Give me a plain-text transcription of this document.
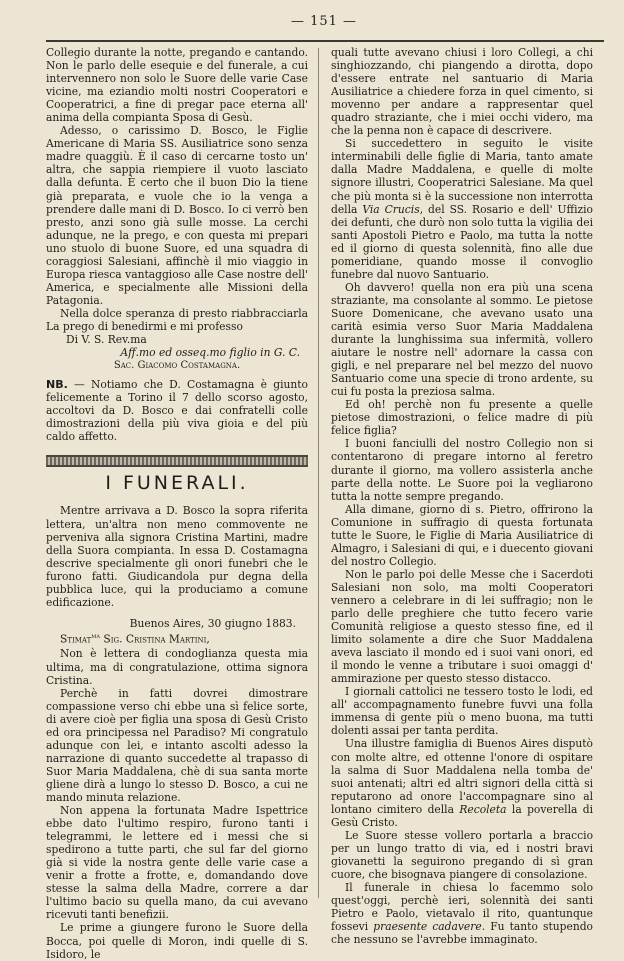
— 151 —

Collegio durante la notte, pregando e cantando. Non le parlo delle esequie e del funerale, a cui intervennero non solo le Suore delle varie Case vicine, ma eziandio molti nostri Cooperatori e Cooperatrici, a fine di pregar pace eterna all' anima della compianta Sposa di Gesù.

Adesso, o carissimo D. Bosco, le Figlie Americane di Maria SS. Ausiliatrice sono senza madre quaggiù. È il caso di cercarne tosto un' altra, che sappia riempiere il vuoto lasciato dalla defunta. È certo che il buon Dio la tiene già preparata, e vuole che io la venga a prendere dalle mani di D. Bosco. Io ci verrò ben presto, anzi sono già sulle mosse. La cerchi adunque, ne la prego, e con questa mi prepari uno stuolo di buone Suore, ed una squadra di coraggiosi Salesiani, affinchè il mio viaggio in Europa riesca vantaggioso alle Case nostre dell' America, e specialmente alle Missioni della Patagonia.

Nella dolce speranza di presto riabbracciarla La prego di benedirmi e mi professo

Di V. S. Rev.ma

Aff.mo ed osseq.mo figlio in G. C.

Sac. Giacomo Costamagna.

NB. — Notiamo che D. Costamagna è giunto felicemente a Torino il 7 dello scorso agosto, accoltovi da D. Bosco e dai confratelli colle dimostrazioni della più viva gioia e del più caldo affetto.

I FUNERALI.

Mentre arrivava a D. Bosco la sopra riferita lettera, un'altra non meno commovente ne perveniva alla signora Cristina Martini, madre della Suora compianta. In essa D. Costamagna descrive specialmente gli onori funebri che le furono fatti. Giudicandola pur degna della pubblica luce, qui la produciamo a comune edificazione.

Buenos Aires, 30 giugno 1883.

Stimat$^{ma}$ Sig. Cristina Martini,

Non è lettera di condoglianza questa mia ultima, ma di congratulazione, ottima signora Cristina.

Perchè in fatti dovrei dimostrare compassione verso chi ebbe una sì felice sorte, di avere cioè per figlia una sposa di Gesù Cristo ed ora principessa nel Paradiso? Mi congratulo adunque con lei, e intanto ascolti adesso la narrazione di quanto succedette al trapasso di Suor Maria Maddalena, chè di sua santa morte gliene dirà a lungo lo stesso D. Bosco, a cui ne mando minuta relazione.

Non appena la fortunata Madre Ispettrice ebbe dato l'ultimo respiro, furono tanti i telegrammi, le lettere ed i messi che si spedirono a tutte parti, che sul far del giorno già si vide la nostra gente delle varie case a venir a frotte a frotte, e, domandando dove stesse la salma della Madre, correre a dar l'ultimo bacio su quella mano, da cui avevano ricevuti tanti benefizii.

Le prime a giungere furono le Suore della Bocca, poi quelle di Moron, indi quelle di S. Isidoro, le

quali tutte avevano chiusi i loro Collegi, a chi singhiozzando, chi piangendo a dirotta, dopo d'essere entrate nel santuario di Maria Ausiliatrice a chiedere forza in quel cimento, si movenno per andare a rappresentar quel quadro straziante, che i miei occhi videro, ma che la penna non è capace di descrivere.

Si succedettero in seguito le visite interminabili delle figlie di Maria, tanto amate dalla Madre Maddalena, e quelle di molte signore illustri, Cooperatrici Salesiane. Ma quel che più monta si è la successione non interrotta della Via Crucis, del SS. Rosario e dell' Uffizio dei defunti, che durò non solo tutta la vigilia dei santi Apostoli Pietro e Paolo, ma tutta la notte ed il giorno di questa solennità, fino alle due pomeridiane, quando mosse il convoglio funebre dal nuovo Santuario.

Oh davvero! quella non era più una scena straziante, ma consolante al sommo. Le pietose Suore Domenicane, che avevano usato una carità esimia verso Suor Maria Maddalena durante la lunghissima sua infermità, vollero aiutare le nostre nell' adornare la cassa con gigli, e nel preparare nel bel mezzo del nuovo Santuario come una specie di trono ardente, su cui fu posta la preziosa salma.

Ed oh! perchè non fu presente a quelle pietose dimostrazioni, o felice madre di più felice figlia?

I buoni fanciulli del nostro Collegio non si contentarono di pregare intorno al feretro durante il giorno, ma vollero assisterla anche parte della notte. Le Suore poi la vegliarono tutta la notte sempre pregando.

Alla dimane, giorno di s. Pietro, offrirono la Comunione in suffragio di questa fortunata tutte le Suore, le Figlie di Maria Ausiliatrice di Almagro, i Salesiani di qui, e i duecento giovani del nostro Collegio.

Non le parlo poi delle Messe che i Sacerdoti Salesiani non solo, ma molti Cooperatori vennero a celebrare in di lei suffragio; non le parlo delle preghiere che tutto fecero varie Comunità religiose a questo stesso fine, ed il limito solamente a dire che Suor Maddalena aveva lasciato il mondo ed i suoi vani onori, ed il mondo le venne a tributare i suoi omaggi d' ammirazione per questo stesso distacco.

I giornali cattolici ne tessero tosto le lodi, ed all' accompagnamento funebre fuvvi una folla immensa di gente più o meno buona, ma tutti dolenti assai per tanta perdita.

Una illustre famiglia di Buenos Aires disputò con molte altre, ed ottenne l'onore di ospitare la salma di Suor Maddalena nella tomba de' suoi antenati; altri ed altri signori della città si reputarono ad onore l'accompagnare sino al lontano cimitero della Recoleta la poverella di Gesù Cristo.

Le Suore stesse vollero portarla a braccio per un lungo tratto di via, ed i nostri bravi giovanetti la seguirono pregando di sì gran cuore, che bisognava piangere di consolazione.

Il funerale in chiesa lo facemmo solo quest'oggi, perchè ieri, solennità dei santi Pietro e Paolo, vietavalo il rito, quantunque fossevi praesente cadavere. Fu tanto stupendo che nessuno se l'avrebbe immaginato.
